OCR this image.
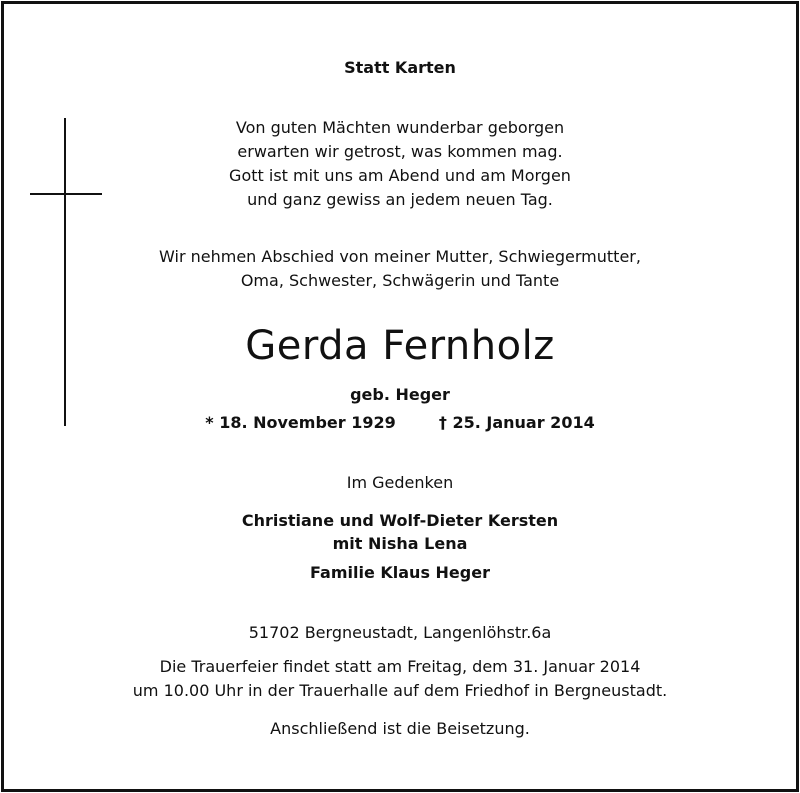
Statt Karten

Von guten Mächten wunderbar geborgen

erwarten wir getrost, was kommen mag.

Gott ist mit uns am Abend und am Morgen

und ganz gewiss an jedem neuen Tag.

Wir nehmen Abschied von meiner Mutter, Schwiegermutter,

Oma, Schwester, Schwägerin und Tante

Gerda Fernholz

geb. Heger

* 18. November 1929	† 25. Januar 2014

Im Gedenken

Christiane und Wolf-Dieter Kersten

mit Nisha Lena

Familie Klaus Heger

51702 Bergneustadt, Langenlöhstr.6a

Die Trauerfeier findet statt am Freitag, dem 31. Januar 2014

um 10.00 Uhr in der Trauerhalle auf dem Friedhof in Bergneustadt.

Anschließend ist die Beisetzung.
